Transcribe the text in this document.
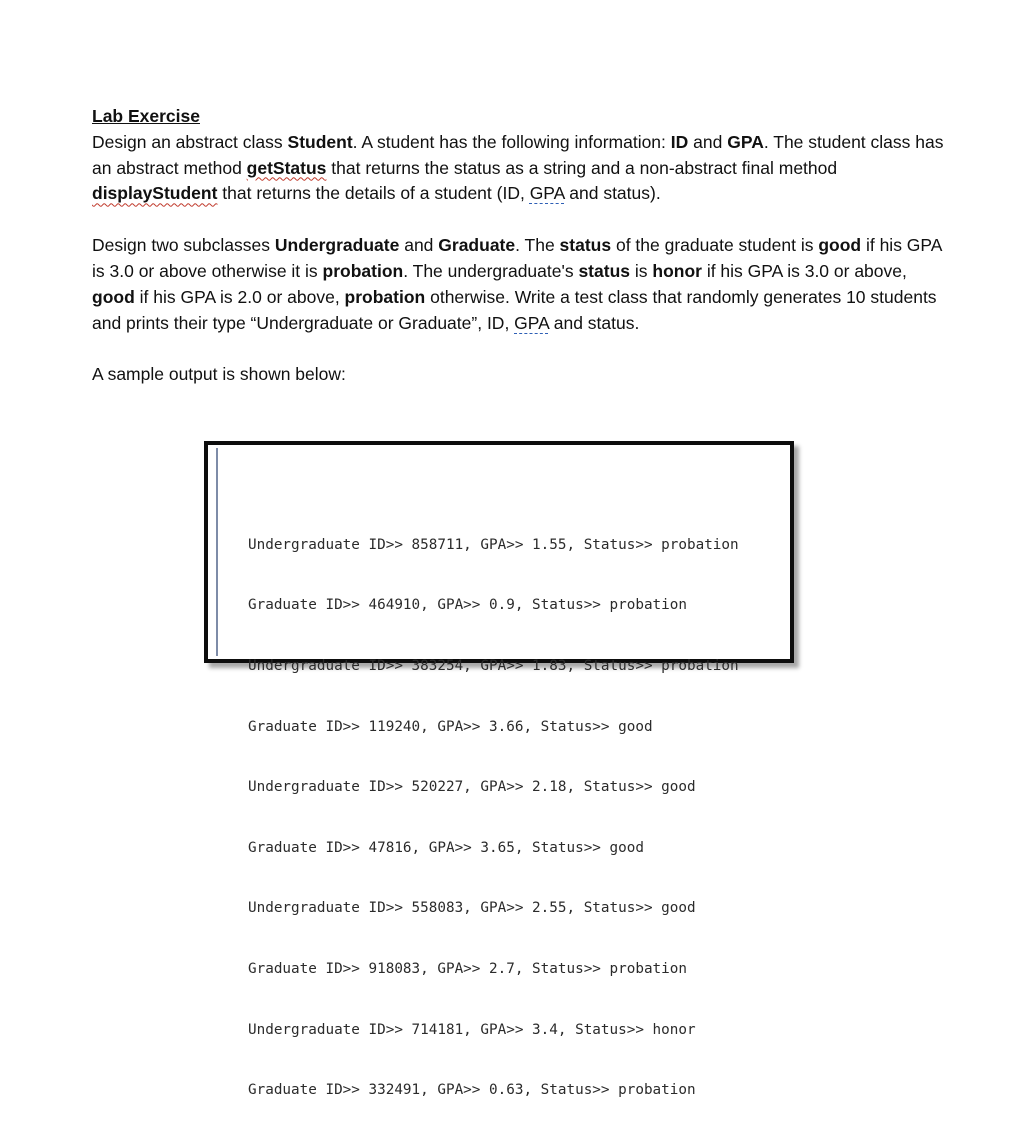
Lab Exercise

Design an abstract class Student. A student has the following information: ID and GPA. The student class has an abstract method getStatus that returns the status as a string and a non-abstract final method displayStudent that returns the details of a student (ID, GPA and status).

Design two subclasses Undergraduate and Graduate. The status of the graduate student is good if his GPA is 3.0 or above otherwise it is probation. The undergraduate's status is honor if his GPA is 3.0 or above, good if his GPA is 2.0 or above, probation otherwise. Write a test class that randomly generates 10 students and prints their type “Undergraduate or Graduate”, ID, GPA and status.

A sample output is shown below:

Undergraduate ID>> 858711, GPA>> 1.55, Status>> probation

Graduate ID>> 464910, GPA>> 0.9, Status>> probation

Undergraduate ID>> 383254, GPA>> 1.83, Status>> probation

Graduate ID>> 119240, GPA>> 3.66, Status>> good

Undergraduate ID>> 520227, GPA>> 2.18, Status>> good

Graduate ID>> 47816, GPA>> 3.65, Status>> good

Undergraduate ID>> 558083, GPA>> 2.55, Status>> good

Graduate ID>> 918083, GPA>> 2.7, Status>> probation

Undergraduate ID>> 714181, GPA>> 3.4, Status>> honor

Graduate ID>> 332491, GPA>> 0.63, Status>> probation
